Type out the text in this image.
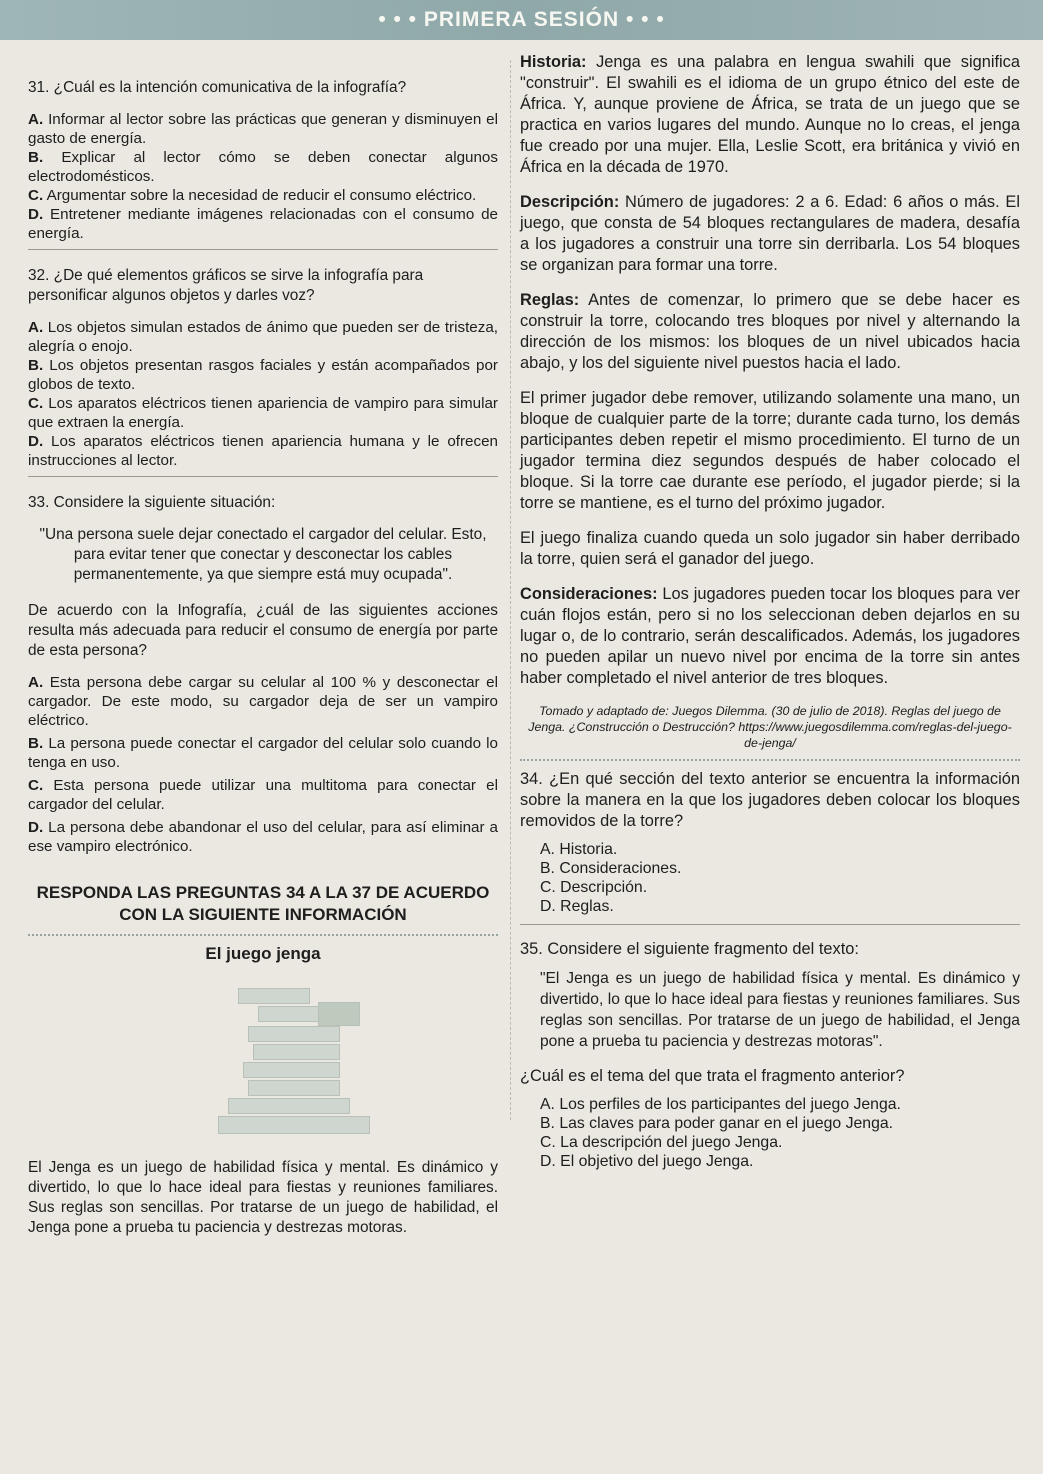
• • • PRIMERA SESIÓN • • •

31. ¿Cuál es la intención comunicativa de la infografía?

A. Informar al lector sobre las prácticas que generan y disminuyen el gasto de energía.

B. Explicar al lector cómo se deben conectar algunos electrodomésticos.

C. Argumentar sobre la necesidad de reducir el consumo eléctrico.

D. Entretener mediante imágenes relacionadas con el consumo de energía.

32. ¿De qué elementos gráficos se sirve la infografía para personificar algunos objetos y darles voz?

A. Los objetos simulan estados de ánimo que pueden ser de tristeza, alegría o enojo.

B. Los objetos presentan rasgos faciales y están acompañados por globos de texto.

C. Los aparatos eléctricos tienen apariencia de vampiro para simular que extraen la energía.

D. Los aparatos eléctricos tienen apariencia humana y le ofrecen instrucciones al lector.

33. Considere la siguiente situación:

"Una persona suele dejar conectado el cargador del celular. Esto, para evitar tener que conectar y desconectar los cables permanentemente, ya que siempre está muy ocupada".

De acuerdo con la Infografía, ¿cuál de las siguientes acciones resulta más adecuada para reducir el consumo de energía por parte de esta persona?

A. Esta persona debe cargar su celular al 100 % y desconectar el cargador. De este modo, su cargador deja de ser un vampiro eléctrico.

B. La persona puede conectar el cargador del celular solo cuando lo tenga en uso.

C. Esta persona puede utilizar una multitoma para conectar el cargador del celular.

D. La persona debe abandonar el uso del celular, para así eliminar a ese vampiro electrónico.

RESPONDA LAS PREGUNTAS 34 A LA 37 DE ACUERDO CON LA SIGUIENTE INFORMACIÓN

El juego jenga

El Jenga es un juego de habilidad física y mental. Es dinámico y divertido, lo que lo hace ideal para fiestas y reuniones familiares. Sus reglas son sencillas. Por tratarse de un juego de habilidad, el Jenga pone a prueba tu paciencia y destrezas motoras.

Historia: Jenga es una palabra en lengua swahili que significa "construir". El swahili es el idioma de un grupo étnico del este de África. Y, aunque proviene de África, se trata de un juego que se practica en varios lugares del mundo. Aunque no lo creas, el jenga fue creado por una mujer. Ella, Leslie Scott, era británica y vivió en África en la década de 1970.

Descripción: Número de jugadores: 2 a 6. Edad: 6 años o más. El juego, que consta de 54 bloques rectangulares de madera, desafía a los jugadores a construir una torre sin derribarla. Los 54 bloques se organizan para formar una torre.

Reglas: Antes de comenzar, lo primero que se debe hacer es construir la torre, colocando tres bloques por nivel y alternando la dirección de los mismos: los bloques de un nivel ubicados hacia abajo, y los del siguiente nivel puestos hacia el lado.

El primer jugador debe remover, utilizando solamente una mano, un bloque de cualquier parte de la torre; durante cada turno, los demás participantes deben repetir el mismo procedimiento. El turno de un jugador termina diez segundos después de haber colocado el bloque. Si la torre cae durante ese período, el jugador pierde; si la torre se mantiene, es el turno del próximo jugador.

El juego finaliza cuando queda un solo jugador sin haber derribado la torre, quien será el ganador del juego.

Consideraciones: Los jugadores pueden tocar los bloques para ver cuán flojos están, pero si no los seleccionan deben dejarlos en su lugar o, de lo contrario, serán descalificados. Además, los jugadores no pueden apilar un nuevo nivel por encima de la torre sin antes haber completado el nivel anterior de tres bloques.

Tomado y adaptado de: Juegos Dilemma. (30 de julio de 2018). Reglas del juego de Jenga. ¿Construcción o Destrucción? https://www.juegosdilemma.com/reglas-del-juego-de-jenga/

34. ¿En qué sección del texto anterior se encuentra la información sobre la manera en la que los jugadores deben colocar los bloques removidos de la torre?

A. Historia.

B. Consideraciones.

C. Descripción.

D. Reglas.

35. Considere el siguiente fragmento del texto:

"El Jenga es un juego de habilidad física y mental. Es dinámico y divertido, lo que lo hace ideal para fiestas y reuniones familiares. Sus reglas son sencillas. Por tratarse de un juego de habilidad, el Jenga pone a prueba tu paciencia y destrezas motoras".

¿Cuál es el tema del que trata el fragmento anterior?

A. Los perfiles de los participantes del juego Jenga.

B. Las claves para poder ganar en el juego Jenga.

C. La descripción del juego Jenga.

D. El objetivo del juego Jenga.
